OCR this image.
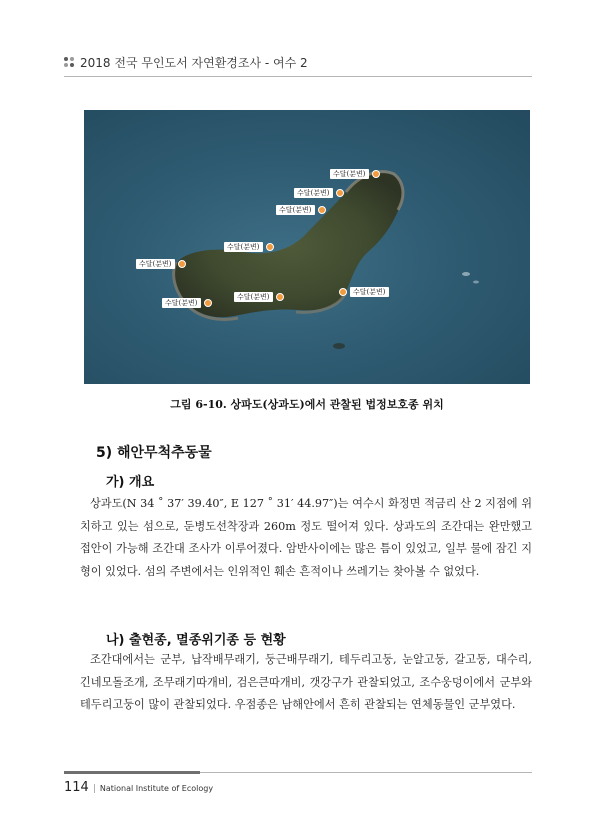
2018 전국 무인도서 자연환경조사 - 여수 2
수달(분변)
수달(분변)
수달(분변)
수달(분변)
수달(분변)
수달(분변)
수달(분변)
수달(분변)
그림 6-10. 상파도(상과도)에서 관찰된 법정보호종 위치
5) 해안무척추동물
가) 개요
상과도(N 34 ˚ 37′ 39.40″, E 127 ˚ 31′ 44.97″)는 여수시 화정면 적금리 산 2 지점에 위치하고 있는 섬으로, 둔병도선착장과 260m 정도 떨어져 있다. 상과도의 조간대는 완만했고 접안이 가능해 조간대 조사가 이루어졌다. 암반사이에는 많은 틈이 있었고, 일부 물에 잠긴 지형이 있었다. 섬의 주변에서는 인위적인 훼손 흔적이나 쓰레기는 찾아볼 수 없었다.
나) 출현종, 멸종위기종 등 현황
조간대에서는 군부, 납작배무래기, 둥근배무래기, 테두리고둥, 눈알고둥, 갈고둥, 대수리, 긴네모돌조개, 조무래기따개비, 검은큰따개비, 갯강구가 관찰되었고, 조수웅덩이에서 군부와 테두리고둥이 많이 관찰되었다. 우점종은 남해안에서 흔히 관찰되는 연체동물인 군부였다.
114 | National Institute of Ecology
